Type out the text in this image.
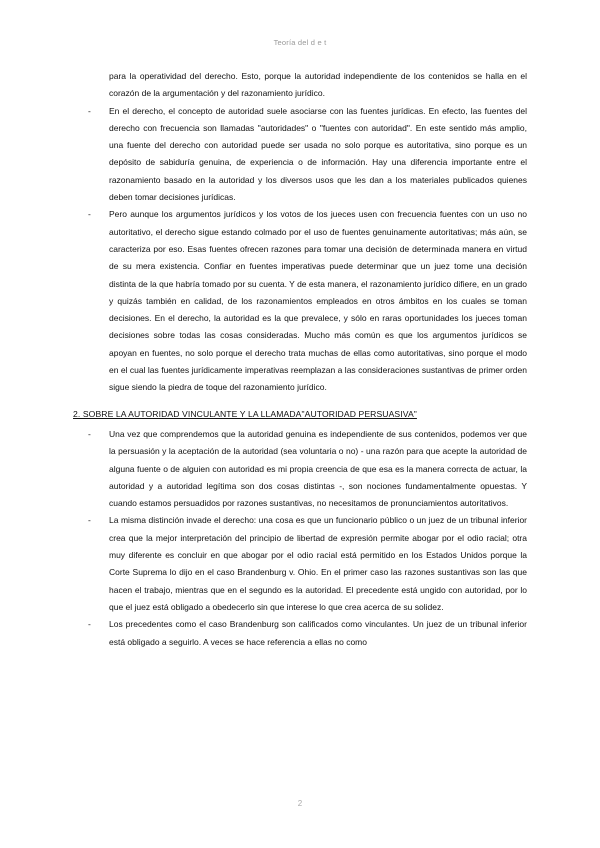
Teoría del d e t

para la operatividad del derecho. Esto, porque la autoridad independiente de los contenidos se halla en el corazón de la argumentación y del razonamiento jurídico.

- En el derecho, el concepto de autoridad suele asociarse con las fuentes jurídicas. En efecto, las fuentes del derecho con frecuencia son llamadas "autoridades" o "fuentes con autoridad". En este sentido más amplio, una fuente del derecho con autoridad puede ser usada no solo porque es autoritativa, sino porque es un depósito de sabiduría genuina, de experiencia o de información. Hay una diferencia importante entre el razonamiento basado en la autoridad y los diversos usos que les dan a los materiales publicados quienes deben tomar decisiones jurídicas.

- Pero aunque los argumentos jurídicos y los votos de los jueces usen con frecuencia fuentes con un uso no autoritativo, el derecho sigue estando colmado por el uso de fuentes genuinamente autoritativas; más aún, se caracteriza por eso. Esas fuentes ofrecen razones para tomar una decisión de determinada manera en virtud de su mera existencia. Confiar en fuentes imperativas puede determinar que un juez tome una decisión distinta de la que habría tomado por su cuenta. Y de esta manera, el razonamiento jurídico difiere, en un grado y quizás también en calidad, de los razonamientos empleados en otros ámbitos en los cuales se toman decisiones. En el derecho, la autoridad es la que prevalece, y sólo en raras oportunidades los jueces toman decisiones sobre todas las cosas consideradas. Mucho más común es que los argumentos jurídicos se apoyan en fuentes, no solo porque el derecho trata muchas de ellas como autoritativas, sino porque el modo en el cual las fuentes jurídicamente imperativas reemplazan a las consideraciones sustantivas de primer orden sigue siendo la piedra de toque del razonamiento jurídico.

2. SOBRE LA AUTORIDAD VINCULANTE Y LA LLAMADA"AUTORIDAD PERSUASIVA"

- Una vez que comprendemos que la autoridad genuina es independiente de sus contenidos, podemos ver que la persuasión y la aceptación de la autoridad (sea voluntaria o no) - una razón para que acepte la autoridad de alguna fuente o de alguien con autoridad es mi propia creencia de que esa es la manera correcta de actuar, la autoridad y a autoridad legítima son dos cosas distintas -, son nociones fundamentalmente opuestas. Y cuando estamos persuadidos por razones sustantivas, no necesitamos de pronunciamientos autoritativos.

- La misma distinción invade el derecho: una cosa es que un funcionario público o un juez de un tribunal inferior crea que la mejor interpretación del principio de libertad de expresión permite abogar por el odio racial; otra muy diferente es concluir en que abogar por el odio racial está permitido en los Estados Unidos porque la Corte Suprema lo dijo en el caso Brandenburg v. Ohio. En el primer caso las razones sustantivas son las que hacen el trabajo, mientras que en el segundo es la autoridad. El precedente está ungido con autoridad, por lo que el juez está obligado a obedecerlo sin que interese lo que crea acerca de su solidez.

- Los precedentes como el caso Brandenburg son calificados como vinculantes. Un juez de un tribunal inferior está obligado a seguirlo. A veces se hace referencia a ellas no como

2
